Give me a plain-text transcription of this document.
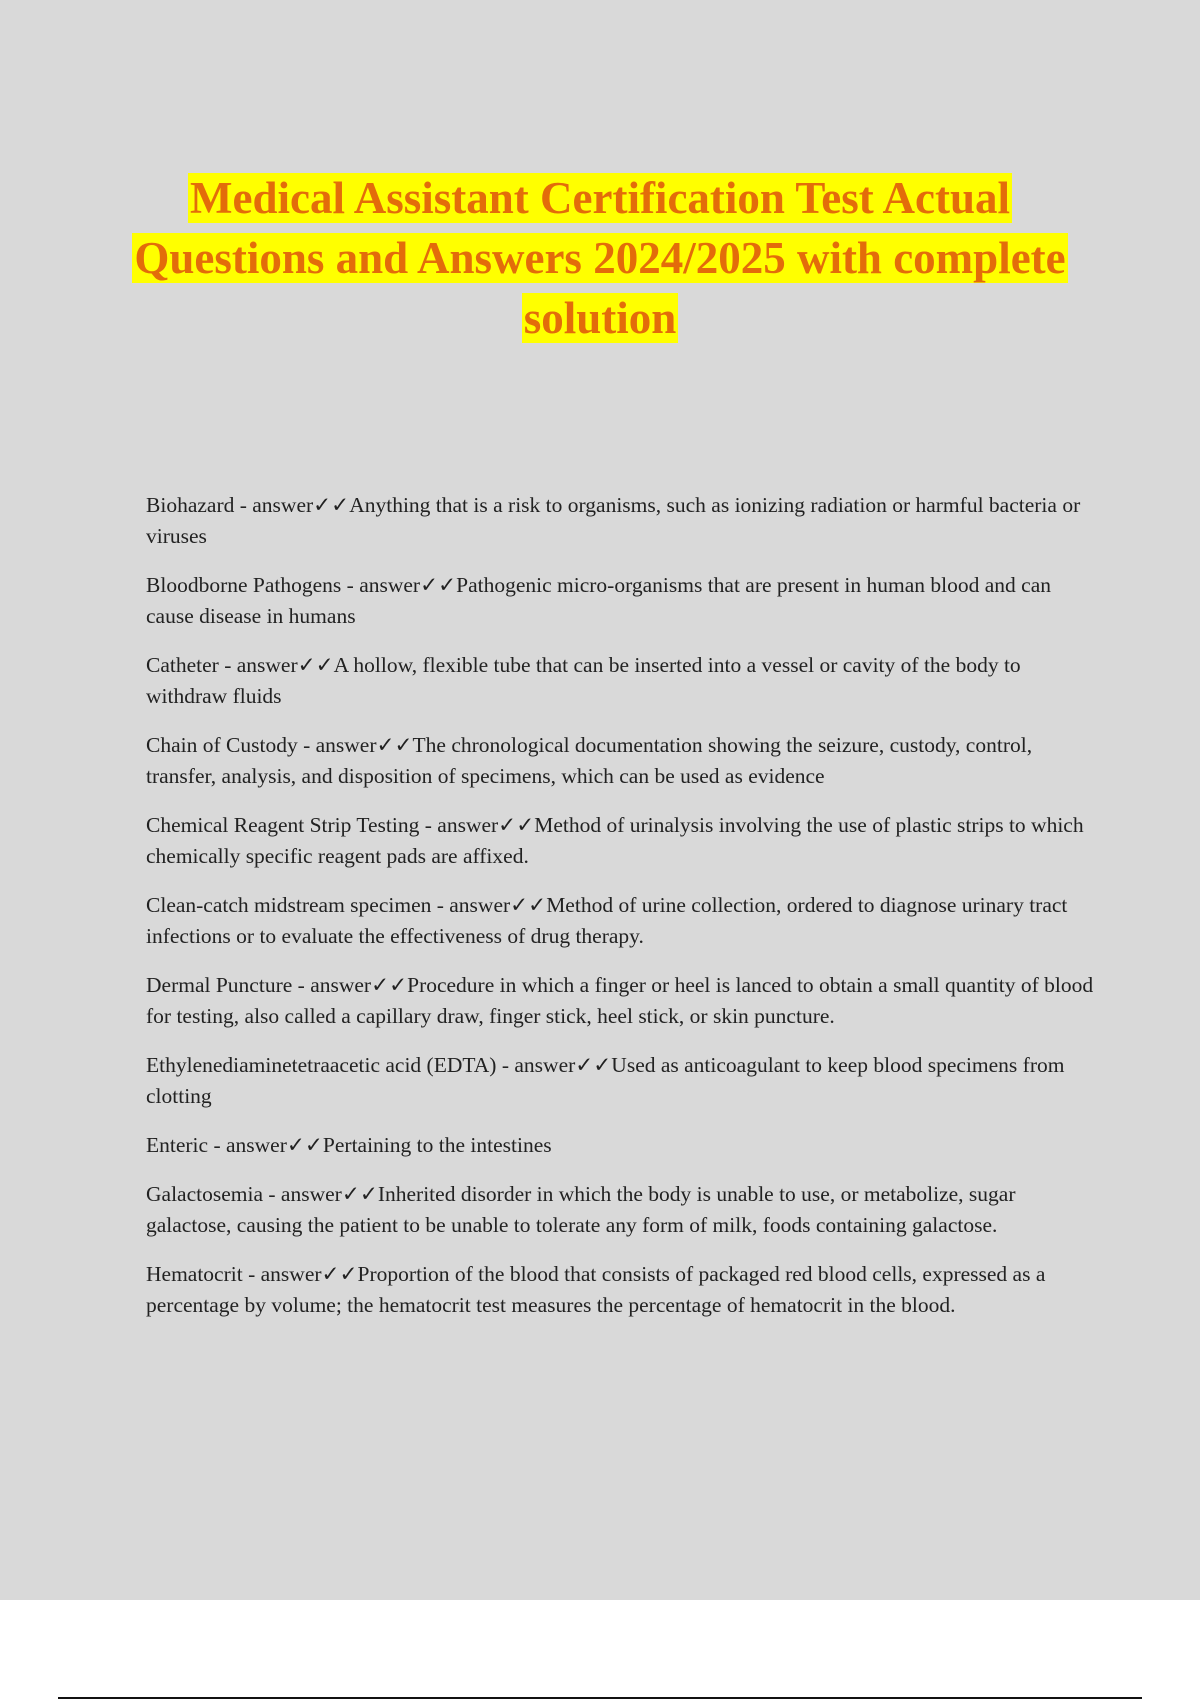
Medical Assistant Certification Test Actual Questions and Answers 2024/2025 with complete solution

Biohazard - answer✓✓Anything that is a risk to organisms, such as ionizing radiation or harmful bacteria or viruses

Bloodborne Pathogens - answer✓✓Pathogenic micro-organisms that are present in human blood and can cause disease in humans

Catheter - answer✓✓A hollow, flexible tube that can be inserted into a vessel or cavity of the body to withdraw fluids

Chain of Custody - answer✓✓The chronological documentation showing the seizure, custody, control, transfer, analysis, and disposition of specimens, which can be used as evidence

Chemical Reagent Strip Testing - answer✓✓Method of urinalysis involving the use of plastic strips to which chemically specific reagent pads are affixed.

Clean-catch midstream specimen - answer✓✓Method of urine collection, ordered to diagnose urinary tract infections or to evaluate the effectiveness of drug therapy.

Dermal Puncture - answer✓✓Procedure in which a finger or heel is lanced to obtain a small quantity of blood for testing, also called a capillary draw, finger stick, heel stick, or skin puncture.

Ethylenediaminetetraacetic acid (EDTA) - answer✓✓Used as anticoagulant to keep blood specimens from clotting

Enteric - answer✓✓Pertaining to the intestines

Galactosemia - answer✓✓Inherited disorder in which the body is unable to use, or metabolize, sugar galactose, causing the patient to be unable to tolerate any form of milk, foods containing galactose.

Hematocrit - answer✓✓Proportion of the blood that consists of packaged red blood cells, expressed as a percentage by volume; the hematocrit test measures the percentage of hematocrit in the blood.
